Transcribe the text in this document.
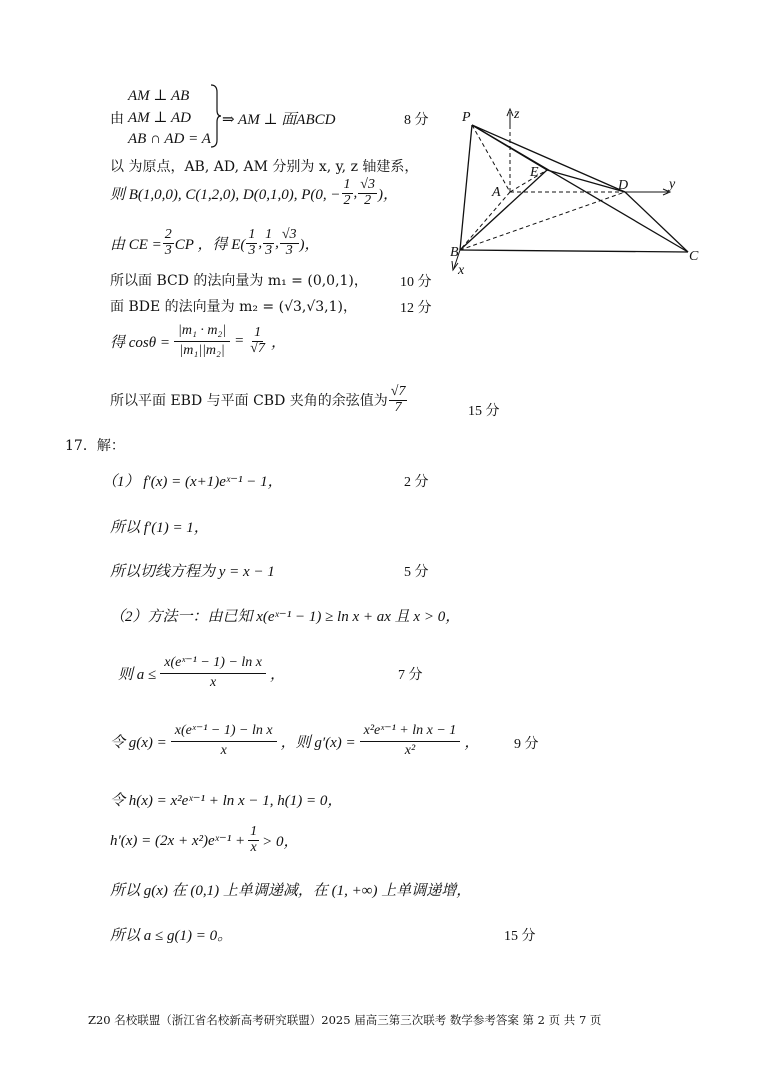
AM ⊥ AB
由 AM ⊥ AD
AB ∩ AD = A
⇒ AM ⊥ 面ABCD	8 分
以 为原点，AB, AD, AM 分别为 x, y, z 轴建系，
则 B(1,0,0), C(1,2,0), D(0,1,0), P(0, − $\frac{1}{2}$ , $\frac{√3}{2}$ )，
由 CE = $\frac{2}{3}$ CP ，得 $E( \frac{1}{3}$ , $\frac{1}{3}$ , $\frac{√3}{3}$ )，
所以面 BCD 的法向量为 m₁ = (0,0,1)， 10 分
面 BDE 的法向量为 m₂ = (√3,√3,1)，	12 分
得 $\cos\theta = \frac{\text{|m₁ · m₂|}}{\text{|m₁||m₂|}} = \frac{1}{√7}$ ，
所以平面 EBD 与平面 CBD 夹角的余弦值为 $\frac{√7}{7}$	15 分
P	z
E
A	D	y
B	C
x
17．解：
（1） f′(x) = (x+1)eˣ⁻¹ − 1，	2 分
所以 f′(1) = 1，
所以切线方程为 y = x − 1	5 分
（2）方法一：由已知 x(eˣ⁻¹ − 1) ≥ ln x + ax 且 x > 0，
则 $a \le \frac{\text{x(eˣ⁻¹ − 1) − ln x}}{x}$ ，	7 分
令 $g(x) = \frac{\text{x(eˣ⁻¹ − 1) − ln x}}{x}$ ，则 $g'(x) = \frac{\text{x²eˣ⁻¹ + ln x − 1}}{\text{x²}}$ ， 9 分
令 h(x) = x²eˣ⁻¹ + ln x − 1, h(1) = 0，
h′(x) = (2x + x²)eˣ⁻¹ + $\frac{1}{x} > 0$，
所以 g(x) 在 (0,1) 上单调递减，在 (1, +∞) 上单调递增，
所以 a ≤ g(1) = 0。	15 分
Z20 名校联盟（浙江省名校新高考研究联盟）2025 届高三第三次联考 数学参考答案 第 2 页 共 7 页
